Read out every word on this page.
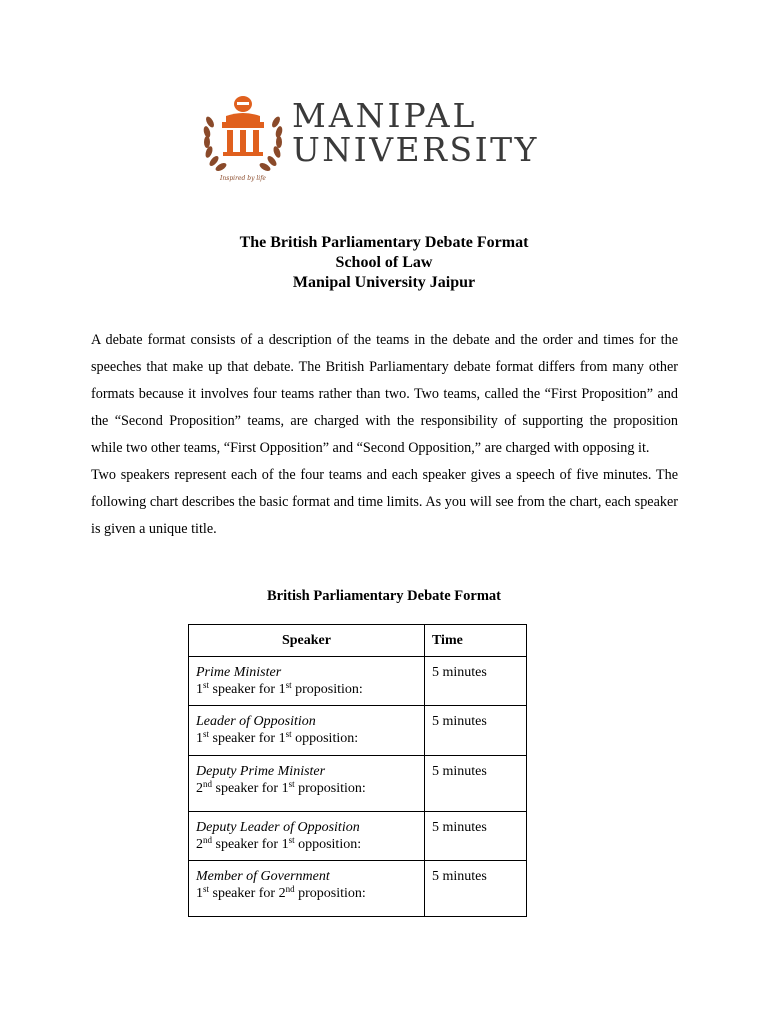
Inspired by life
MANIPAL
UNIVERSITY
The British Parliamentary Debate Format
School of Law
Manipal University Jaipur

A debate format consists of a description of the teams in the debate and the order and times for the speeches that make up that debate. The British Parliamentary debate format differs from many other formats because it involves four teams rather than two. Two teams, called the “First Proposition” and the “Second Proposition” teams, are charged with the responsibility of supporting the proposition while two other teams, “First Opposition” and “Second Opposition,” are charged with opposing it.

Two speakers represent each of the four teams and each speaker gives a speech of five minutes. The following chart describes the basic format and time limits. As you will see from the chart, each speaker is given a unique title.

British Parliamentary Debate Format
Speaker	Time

Prime Minister
1st speaker for 1st proposition:	5 minutes

Leader of Opposition
1st speaker for 1st opposition:	5 minutes

Deputy Prime Minister
2nd speaker for 1st proposition:	5 minutes

Deputy Leader of Opposition
2nd speaker for 1st opposition:	5 minutes

Member of Government
1st speaker for 2nd proposition:	5 minutes
